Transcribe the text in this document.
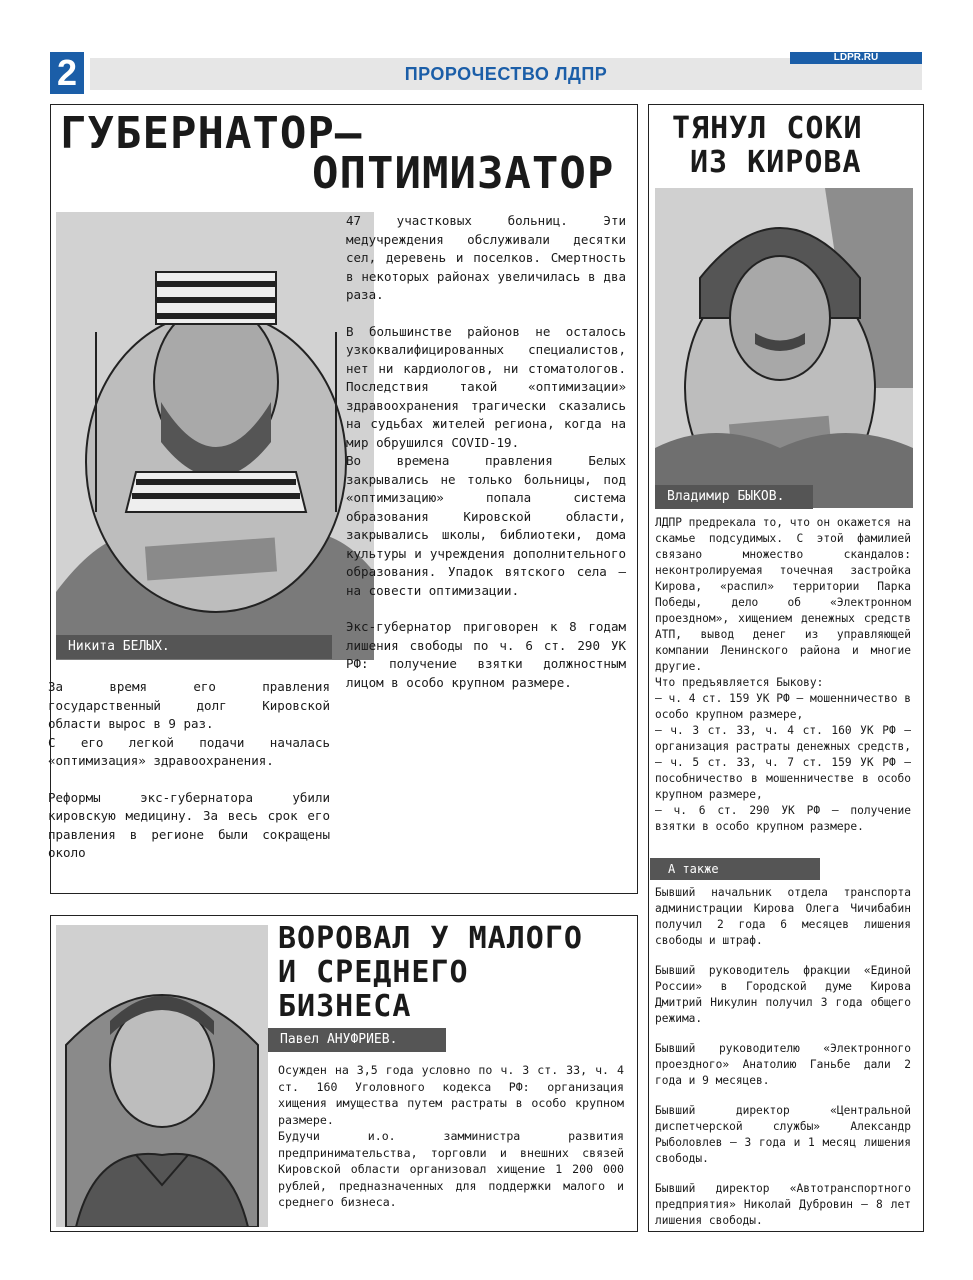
2	LDPR.RU
ПРОРОЧЕСТВО ЛДПР
ГУБЕРНАТОР–
ОПТИМИЗАТОР
Никита БЕЛЫХ.

За время его правления государственный долг Кировской области вырос в 9 раз.

С его легкой подачи началась «оптимизация» здравоохранения.

Реформы экс-губернатора убили кировскую медицину. За весь срок его правления в регионе были сокращены около

47 участковых больниц. Эти медучреждения обслуживали десятки сел, деревень и поселков. Смертность в некоторых районах увеличилась в два раза.

В большинстве районов не осталось узкоквалифицированных специалистов, нет ни кардиологов, ни стоматологов. Последствия такой «оптимизации» здравоохранения трагически сказались на судьбах жителей региона, когда на мир обрушился COVID-19.

Во времена правления Белых закрывались не только больницы, под «оптимизацию» попала система образования Кировской области, закрывались школы, библиотеки, дома культуры и учреждения дополнительного образования. Упадок вятского села – на совести оптимизации.

Экс-губернатор приговорен к 8 годам лишения свободы по ч. 6 ст. 290 УК РФ: получение взятки должностным лицом в особо крупном размере.

ТЯНУЛ СОКИ
ИЗ КИРОВА
Владимир БЫКОВ.

ЛДПР предрекала то, что он окажется на скамье подсудимых. С этой фамилией связано множество скандалов: неконтролируемая точечная застройка Кирова, «распил» территории Парка Победы, дело об «Электронном проездном», хищением денежных средств АТП, вывод денег из управляющей компании Ленинского района и многие другие.

Что предъявляется Быкову:

– ч. 4 ст. 159 УК РФ – мошенничество в особо крупном размере,

– ч. 3 ст. 33, ч. 4 ст. 160 УК РФ – организация растраты денежных средств,

– ч. 5 ст. 33, ч. 7 ст. 159 УК РФ – пособничество в мошенничестве в особо крупном размере,

– ч. 6 ст. 290 УК РФ – получение взятки в особо крупном размере.

А также

Бывший начальник отдела транспорта администрации Кирова Олега Чичибабин получил 2 года 6 месяцев лишения свободы и штраф.

Бывший руководитель фракции «Единой России» в Городской думе Кирова Дмитрий Никулин получил 3 года общего режима.

Бывший руководителю «Электронного проездного» Анатолию Ганьбе дали 2 года и 9 месяцев.

Бывший директор «Центральной диспетчерской службы» Александр Рыболовлев – 3 года и 1 месяц лишения свободы.

Бывший директор «Автотранспортного предприятия» Николай Дубровин – 8 лет лишения свободы.

ВОРОВАЛ У МАЛОГО
И СРЕДНЕГО
БИЗНЕСА
Павел АНУФРИЕВ.

Осужден на 3,5 года условно по ч. 3 ст. 33, ч. 4 ст. 160 Уголовного кодекса РФ: организация хищения имущества путем растраты в особо крупном размере.

Будучи и.о. замминистра развития предпринимательства, торговли и внешних связей Кировской области организовал хищение 1 200 000 рублей, предназначенных для поддержки малого и среднего бизнеса.
